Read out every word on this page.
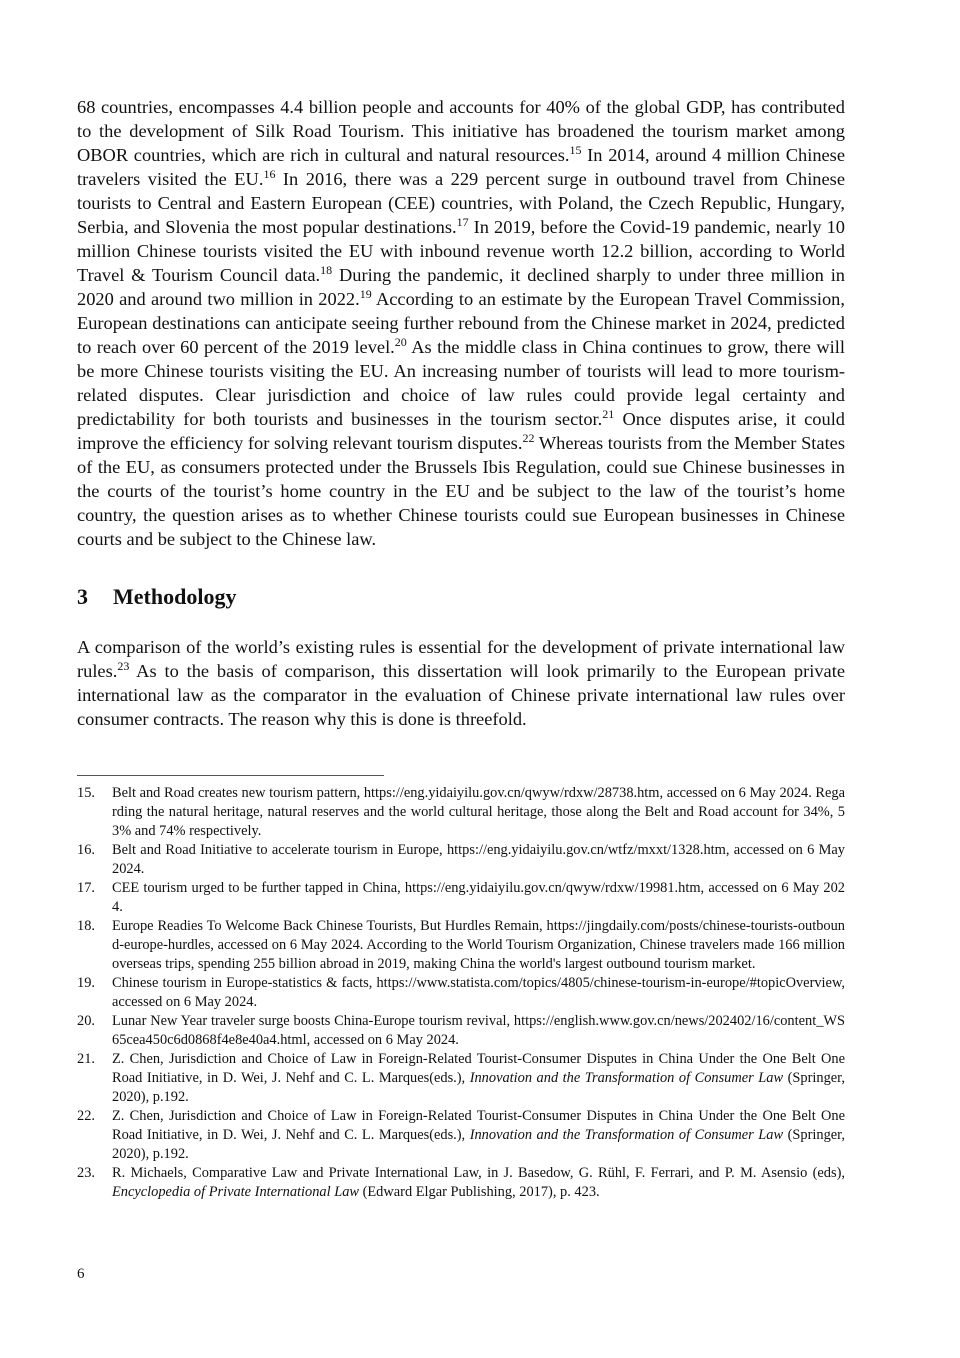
68 countries, encompasses 4.4 billion people and accounts for 40% of the global GDP, has contributed to the development of Silk Road Tourism. This initiative has broadened the tourism market among OBOR countries, which are rich in cultural and natural resources.$^{15}$ In 2014, around 4 million Chinese travelers visited the EU.$^{16}$ In 2016, there was a 229 percent surge in outbound travel from Chinese tourists to Central and Eastern European (CEE) countries, with Poland, the Czech Republic, Hungary, Serbia, and Slovenia the most popular destinations.$^{17}$ In 2019, before the Covid-19 pandemic, nearly 10 million Chinese tourists visited the EU with inbound revenue worth 12.2 billion, according to World Travel & Tourism Council data.$^{18}$ During the pandemic, it declined sharply to under three million in 2020 and around two million in 2022.19 According to an estimate by the European Travel Commission, European destinations can anticipate seeing further rebound from the Chinese market in 2024, predicted to reach over 60 percent of the 2019 level.$^{20}$ As the middle class in China continues to grow, there will be more Chinese tourists visiting the EU. An increasing number of tourists will lead to more tourism-related disputes. Clear jurisdiction and choice of law rules could provide legal certainty and predictability for both tourists and businesses in the tourism sector.$^{21}$ Once disputes arise, it could improve the efficiency for solving relevant tourism disputes.$^{22}$ Whereas tourists from the Member States of the EU, as consumers protected under the Brussels Ibis Regulation, could sue Chinese businesses in the courts of the tourist’s home country in the EU and be subject to the law of the tourist’s home country, the question arises as to whether Chinese tourists could sue European businesses in Chinese courts and be subject to the Chinese law.

3 Methodology

A comparison of the world’s existing rules is essential for the development of private international law rules.$^{23}$ As to the basis of comparison, this dissertation will look primarily to the European private international law as the comparator in the evaluation of Chinese private international law rules over consumer contracts. The reason why this is done is threefold.

15. Belt and Road creates new tourism pattern, https://eng.yidaiyilu.gov.cn/qwyw/rdxw/28738.htm, accessed on 6 May 2024. Regarding the natural heritage, natural reserves and the world cultural heritage, those along the Belt and Road account for 34%, 53% and 74% respectively.
16. Belt and Road Initiative to accelerate tourism in Europe, https://eng.yidaiyilu.gov.cn/wtfz/mxxt/1328.htm, accessed on 6 May 2024.
17. CEE tourism urged to be further tapped in China, https://eng.yidaiyilu.gov.cn/qwyw/rdxw/19981.htm, accessed on 6 May 2024.
18. Europe Readies To Welcome Back Chinese Tourists, But Hurdles Remain, https://jingdaily.com/posts/chinese-tourists-outbound-europe-hurdles, accessed on 6 May 2024. According to the World Tourism Organization, Chinese travelers made 166 million overseas trips, spending 255 billion abroad in 2019, making China the world's largest outbound tourism market.
19. Chinese tourism in Europe-statistics & facts, https://www.statista.com/topics/4805/chinese-tourism-in-europe/#topicOverview, accessed on 6 May 2024.
20. Lunar New Year traveler surge boosts China-Europe tourism revival, https://english.www.gov.cn/news/202402/16/content_WS65cea450c6d0868f4e8e40a4.html, accessed on 6 May 2024.
21. Z. Chen, Jurisdiction and Choice of Law in Foreign-Related Tourist-Consumer Disputes in China Under the One Belt One Road Initiative, in D. Wei, J. Nehf and C. L. Marques(eds.), Innovation and the Transformation of Consumer Law (Springer, 2020), p.192.
22. Z. Chen, Jurisdiction and Choice of Law in Foreign-Related Tourist-Consumer Disputes in China Under the One Belt One Road Initiative, in D. Wei, J. Nehf and C. L. Marques(eds.), Innovation and the Transformation of Consumer Law (Springer, 2020), p.192.
23. R. Michaels, Comparative Law and Private International Law, in J. Basedow, G. Rühl, F. Ferrari, and P. M. Asensio (eds), Encyclopedia of Private International Law (Edward Elgar Publishing, 2017), p. 423.
6
